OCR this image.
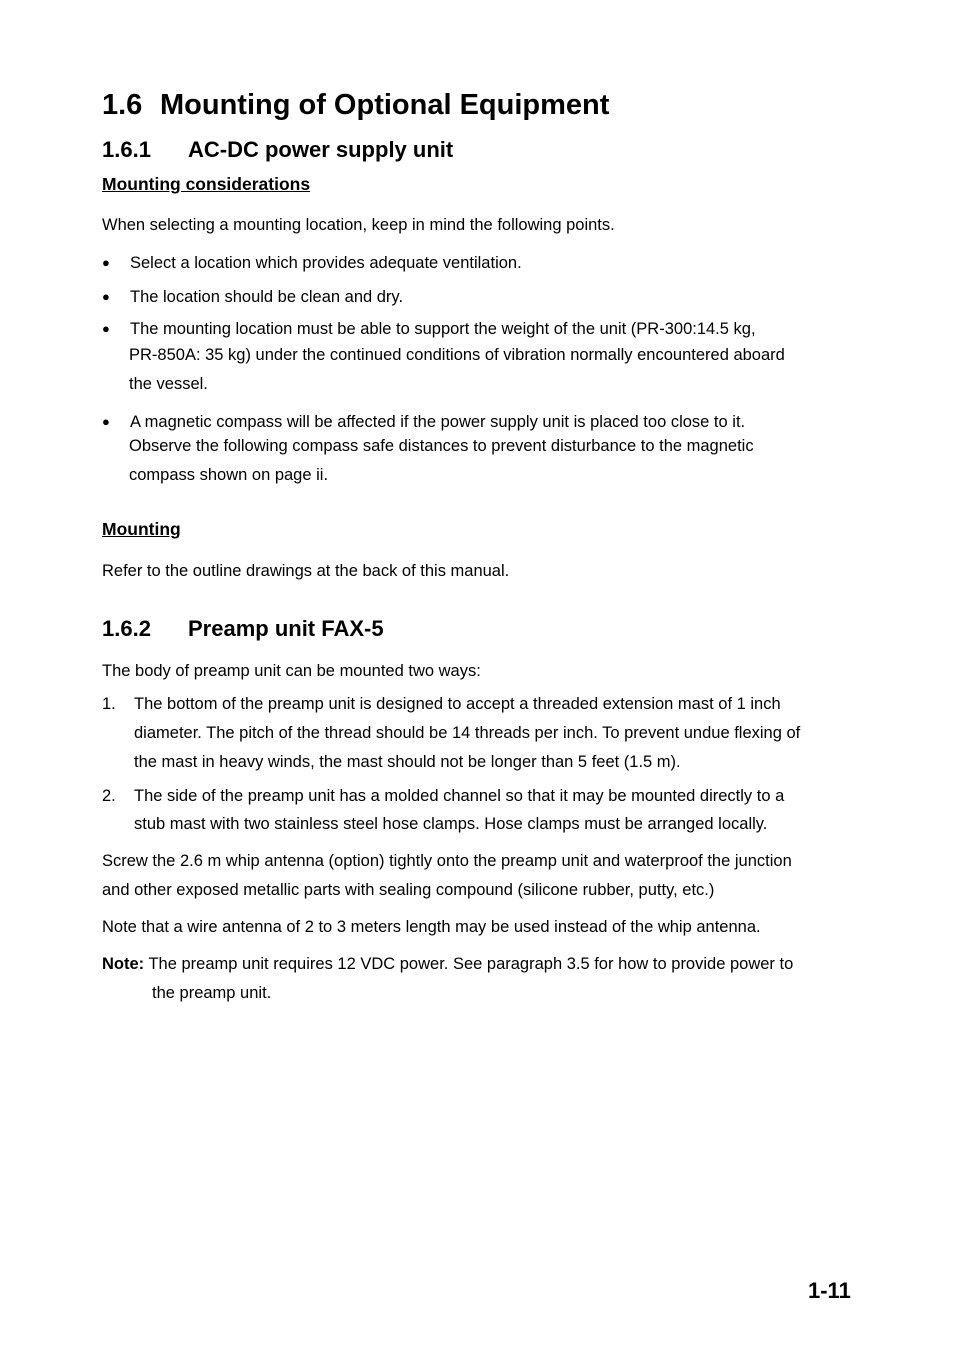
1.6 Mounting of Optional Equipment
1.6.1 AC-DC power supply unit
Mounting considerations
When selecting a mounting location, keep in mind the following points.
● Select a location which provides adequate ventilation.
● The location should be clean and dry.
● The mounting location must be able to support the weight of the unit (PR-300:14.5 kg,
PR-850A: 35 kg) under the continued conditions of vibration normally encountered aboard
the vessel.
● A magnetic compass will be affected if the power supply unit is placed too close to it.
Observe the following compass safe distances to prevent disturbance to the magnetic
compass shown on page ii.
Mounting
Refer to the outline drawings at the back of this manual.
1.6.2 Preamp unit FAX-5
The body of preamp unit can be mounted two ways:
1. The bottom of the preamp unit is designed to accept a threaded extension mast of 1 inch
diameter. The pitch of the thread should be 14 threads per inch. To prevent undue flexing of
the mast in heavy winds, the mast should not be longer than 5 feet (1.5 m).
2. The side of the preamp unit has a molded channel so that it may be mounted directly to a
stub mast with two stainless steel hose clamps. Hose clamps must be arranged locally.
Screw the 2.6 m whip antenna (option) tightly onto the preamp unit and waterproof the junction
and other exposed metallic parts with sealing compound (silicone rubber, putty, etc.)
Note that a wire antenna of 2 to 3 meters length may be used instead of the whip antenna.
Note: The preamp unit requires 12 VDC power. See paragraph 3.5 for how to provide power to
the preamp unit.
1-11
